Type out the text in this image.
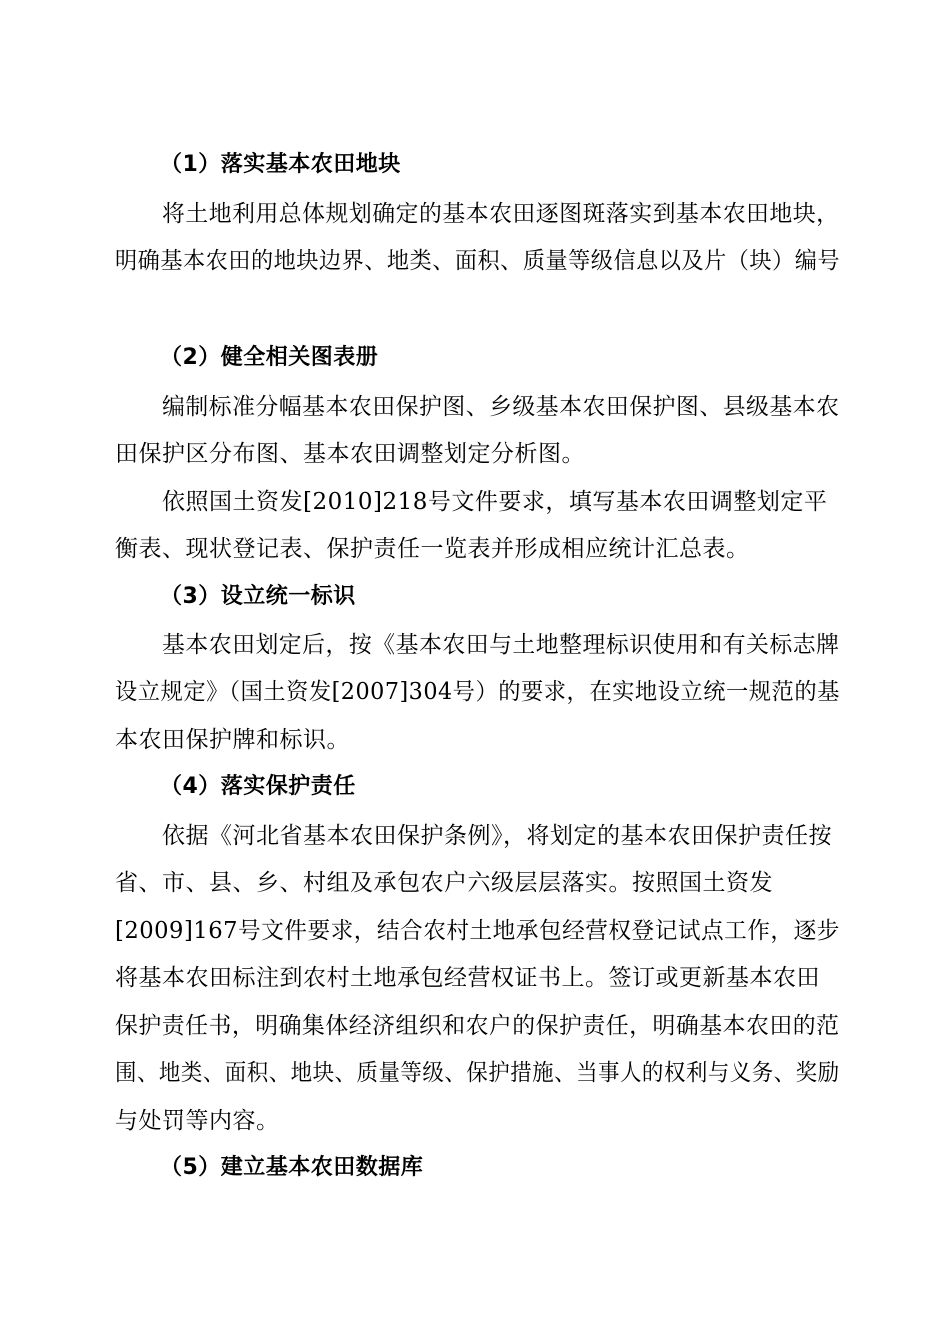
（1）落实基本农田地块
将土地利用总体规划确定的基本农田逐图斑落实到基本农田地块，
明确基本农田的地块边界、地类、面积、质量等级信息以及片（块）编号
（2）健全相关图表册
编制标准分幅基本农田保护图、乡级基本农田保护图、县级基本农
田保护区分布图、基本农田调整划定分析图。
依照国土资发[2010]218号文件要求，填写基本农田调整划定平
衡表、现状登记表、保护责任一览表并形成相应统计汇总表。
（3）设立统一标识
基本农田划定后，按《基本农田与土地整理标识使用和有关标志牌
设立规定》（国土资发[2007]304号）的要求，在实地设立统一规范的基
本农田保护牌和标识。
（4）落实保护责任
依据《河北省基本农田保护条例》，将划定的基本农田保护责任按
省、市、县、乡、村组及承包农户六级层层落实。按照国土资发
[2009]167号文件要求，结合农村土地承包经营权登记试点工作，逐步
将基本农田标注到农村土地承包经营权证书上。签订或更新基本农田
保护责任书，明确集体经济组织和农户的保护责任，明确基本农田的范
围、地类、面积、地块、质量等级、保护措施、当事人的权利与义务、奖励
与处罚等内容。
（5）建立基本农田数据库
